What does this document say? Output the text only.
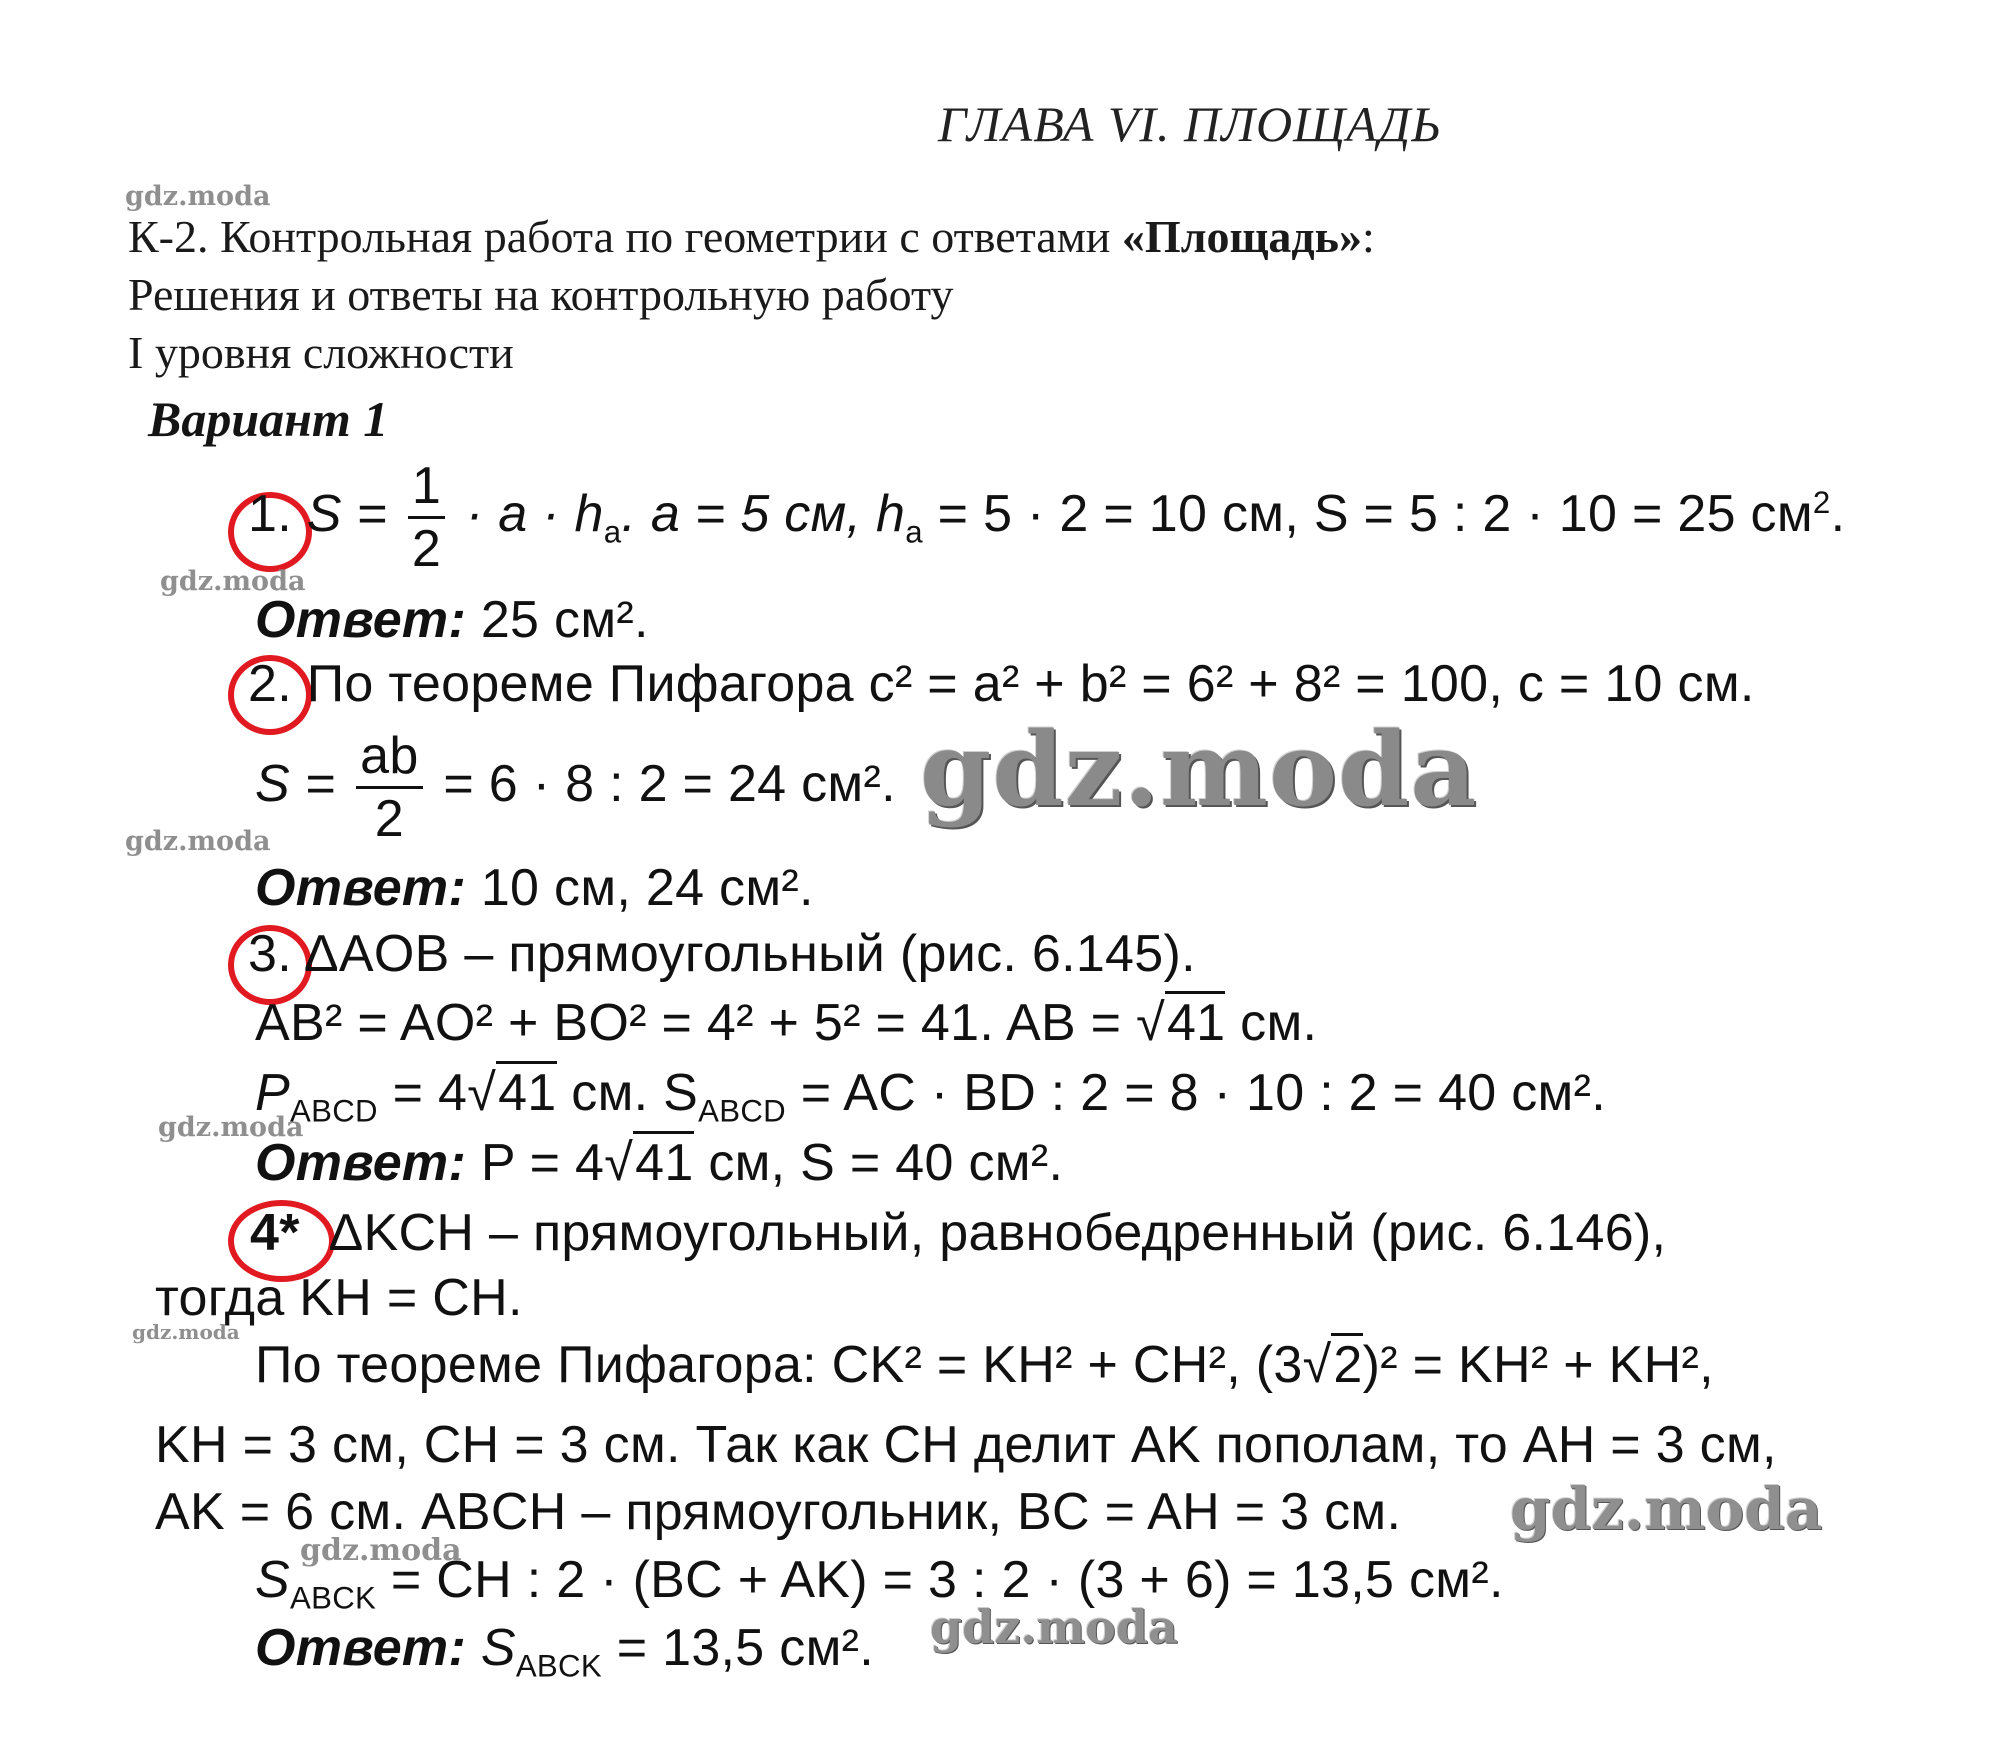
ГЛАВА VI. ПЛОЩАДЬ
gdz.moda
К-2. Контрольная работа по геометрии с ответами «Площадь»:
Решения и ответы на контрольную работу
I уровня сложности
Вариант 1
1. $S = \frac{1}{2} \cdot a \cdot h_а$. a = 5 см, $h_а = 5 \cdot 2 = 10$ см, S = 5 : 2 · 10 = 25 $см^2$.
gdz.moda
Ответ: 25 см².
2. По теореме Пифагора c² = a² + b² = 6² + 8² = 100, c = 10 см.
$S = \frac{ab}{2} = 6 \cdot 8$ : 2 = 24 см². gdz.moda
gdz.moda
Ответ: 10 см, 24 см².
3. ΔAOB – прямоугольный (рис. 6.145).
AB² = AO² + BO² = 4² + 5² = 41. AB = √41 см.
$P_{ABCD} = 4√41$ см. $S_{ABCD}$ = AC · BD : 2 = 8 · 10 : 2 = 40 см².
gdz.moda
Ответ: P = 4√41 см, S = 40 см².
4* ΔKCH – прямоугольный, равнобедренный (рис. 6.146),
тогда KH = CH.
gdz.moda
По теореме Пифагора: CK² = KH² + CH², (3√2)² = KH² + KH²,
KH = 3 см, CH = 3 см. Так как CH делит AK пополам, то AH = 3 см,
AK = 6 см. ABCH – прямоугольник, BC = AH = 3 см. gdz.moda
gdz.moda
$S_{ABCK}$ = CH : 2 · (BC + AK) = 3 : 2 · (3 + 6) = 13,5 см².
gdz.moda
Ответ: $S_{ABCK} = 13,5$ см².
